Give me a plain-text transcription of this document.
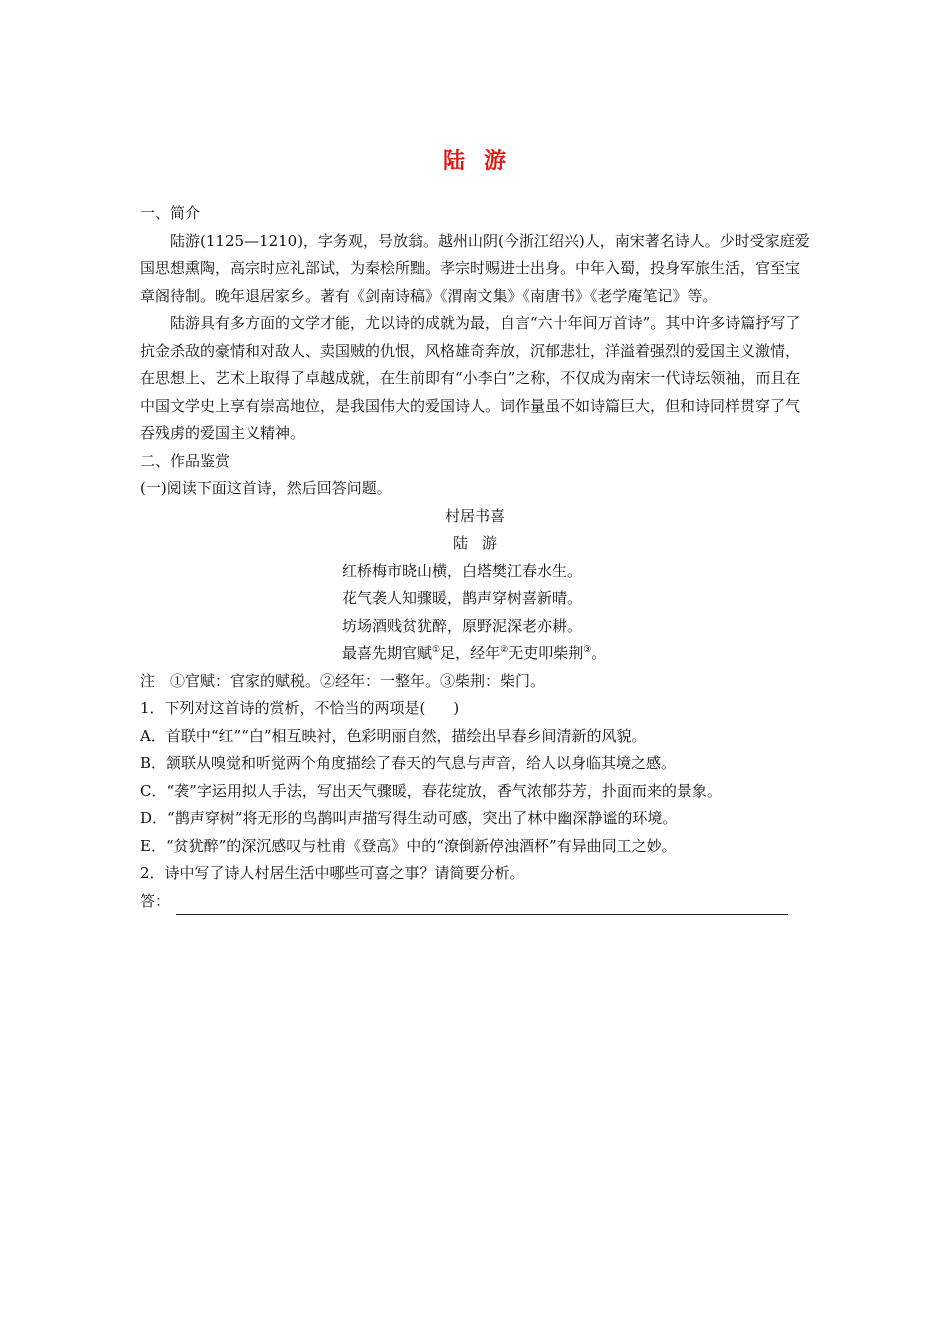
陆 游

一、简介

陆游(1125—1210)，字务观，号放翁。越州山阴(今浙江绍兴)人，南宋著名诗人。少时受家庭爱国思想熏陶，高宗时应礼部试，为秦桧所黜。孝宗时赐进士出身。中年入蜀，投身军旅生活，官至宝章阁待制。晚年退居家乡。著有《剑南诗稿》《渭南文集》《南唐书》《老学庵笔记》等。

陆游具有多方面的文学才能，尤以诗的成就为最，自言“六十年间万首诗”。其中许多诗篇抒写了抗金杀敌的豪情和对敌人、卖国贼的仇恨，风格雄奇奔放，沉郁悲壮，洋溢着强烈的爱国主义激情，在思想上、艺术上取得了卓越成就，在生前即有“小李白”之称，不仅成为南宋一代诗坛领袖，而且在中国文学史上享有崇高地位，是我国伟大的爱国诗人。词作量虽不如诗篇巨大，但和诗同样贯穿了气吞残虏的爱国主义精神。

二、作品鉴赏

(一)阅读下面这首诗，然后回答问题。

村居书喜

陆 游

红桥梅市晓山横，白塔樊江春水生。

花气袭人知骤暖，鹊声穿树喜新晴。

坊场酒贱贫犹醉，原野泥深老亦耕。

最喜先期官赋①足，经年②无吏叩柴荆③。

注　①官赋：官家的赋税。②经年：一整年。③柴荆：柴门。

1．下列对这首诗的赏析，不恰当的两项是( )

A．首联中“红”“白”相互映衬，色彩明丽自然，描绘出早春乡间清新的风貌。

B．颔联从嗅觉和听觉两个角度描绘了春天的气息与声音，给人以身临其境之感。

C．“袭”字运用拟人手法，写出天气骤暖，春花绽放，香气浓郁芬芳，扑面而来的景象。

D．“鹊声穿树”将无形的鸟鹊叫声描写得生动可感，突出了林中幽深静谧的环境。

E．“贫犹醉”的深沉感叹与杜甫《登高》中的“潦倒新停浊酒杯”有异曲同工之妙。

2．诗中写了诗人村居生活中哪些可喜之事？请简要分析。

答：
